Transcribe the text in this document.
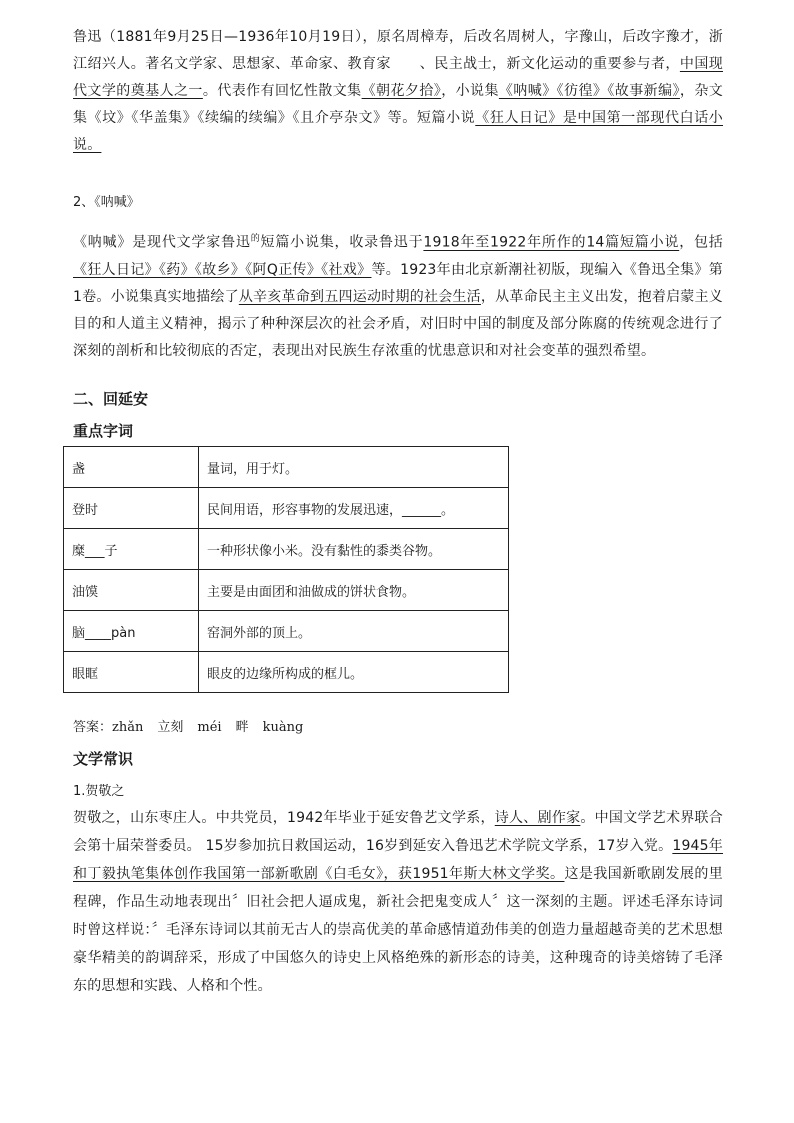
鲁迅（1881年9月25日—1936年10月19日），原名周樟寿，后改名周树人，字豫山，后改字豫才，浙江绍兴人。著名文学家、思想家、革命家、教育家　　、民主战士，新文化运动的重要参与者，中国现代文学的奠基人之一。代表作有回忆性散文集《朝花夕拾》，小说集《呐喊》《彷徨》《故事新编》，杂文集《坟》《华盖集》《续编的续编》《且介亭杂文》等。短篇小说《狂人日记》是中国第一部现代白话小说。

2、《呐喊》

《呐喊》是现代文学家鲁迅$^的$短篇小说集，收录鲁迅于1918年至1922年所作的14篇短篇小说，包括《狂人日记》《药》《故乡》《阿Q正传》《社戏》等。1923年由北京新潮社初版，现编入《鲁迅全集》第1卷。小说集真实地描绘了从辛亥革命到五四运动时期的社会生活，从革命民主主义出发，抱着启蒙主义目的和人道主义精神，揭示了种种深层次的社会矛盾，对旧时中国的制度及部分陈腐的传统观念进行了深刻的剖析和比较彻底的否定，表现出对民族生存浓重的忧患意识和对社会变革的强烈希望。

二、回延安
重点字词
盏	量词，用于灯。
登时	民间用语，形容事物的发展迅速，______。
糜___子	一种形状像小米。没有黏性的黍类谷物。
油馍	主要是由面团和油做成的饼状食物。
脑____pàn	窑洞外部的顶上。
眼眶	眼皮的边缘所构成的框儿。
答案：zhǎn 立刻 méi 畔 kuàng
文学常识
1.贺敬之

贺敬之，山东枣庄人。中共党员，1942年毕业于延安鲁艺文学系，诗人、剧作家。中国文学艺术界联合会第十届荣誉委员。 15岁参加抗日救国运动，16岁到延安入鲁迅艺术学院文学系，17岁入党。1945年和丁毅执笔集体创作我国第一部新歌剧《白毛女》，获1951年斯大林文学奖。这是我国新歌剧发展的里程碑，作品生动地表现出〞旧社会把人逼成鬼，新社会把鬼变成人〞这一深刻的主题。评述毛泽东诗词时曾这样说：〞毛泽东诗词以其前无古人的崇高优美的革命感情道劲伟美的创造力量超越奇美的艺术思想豪华精美的韵调辞采，形成了中国悠久的诗史上风格绝殊的新形态的诗美，这种瑰奇的诗美熔铸了毛泽东的思想和实践、人格和个性。
